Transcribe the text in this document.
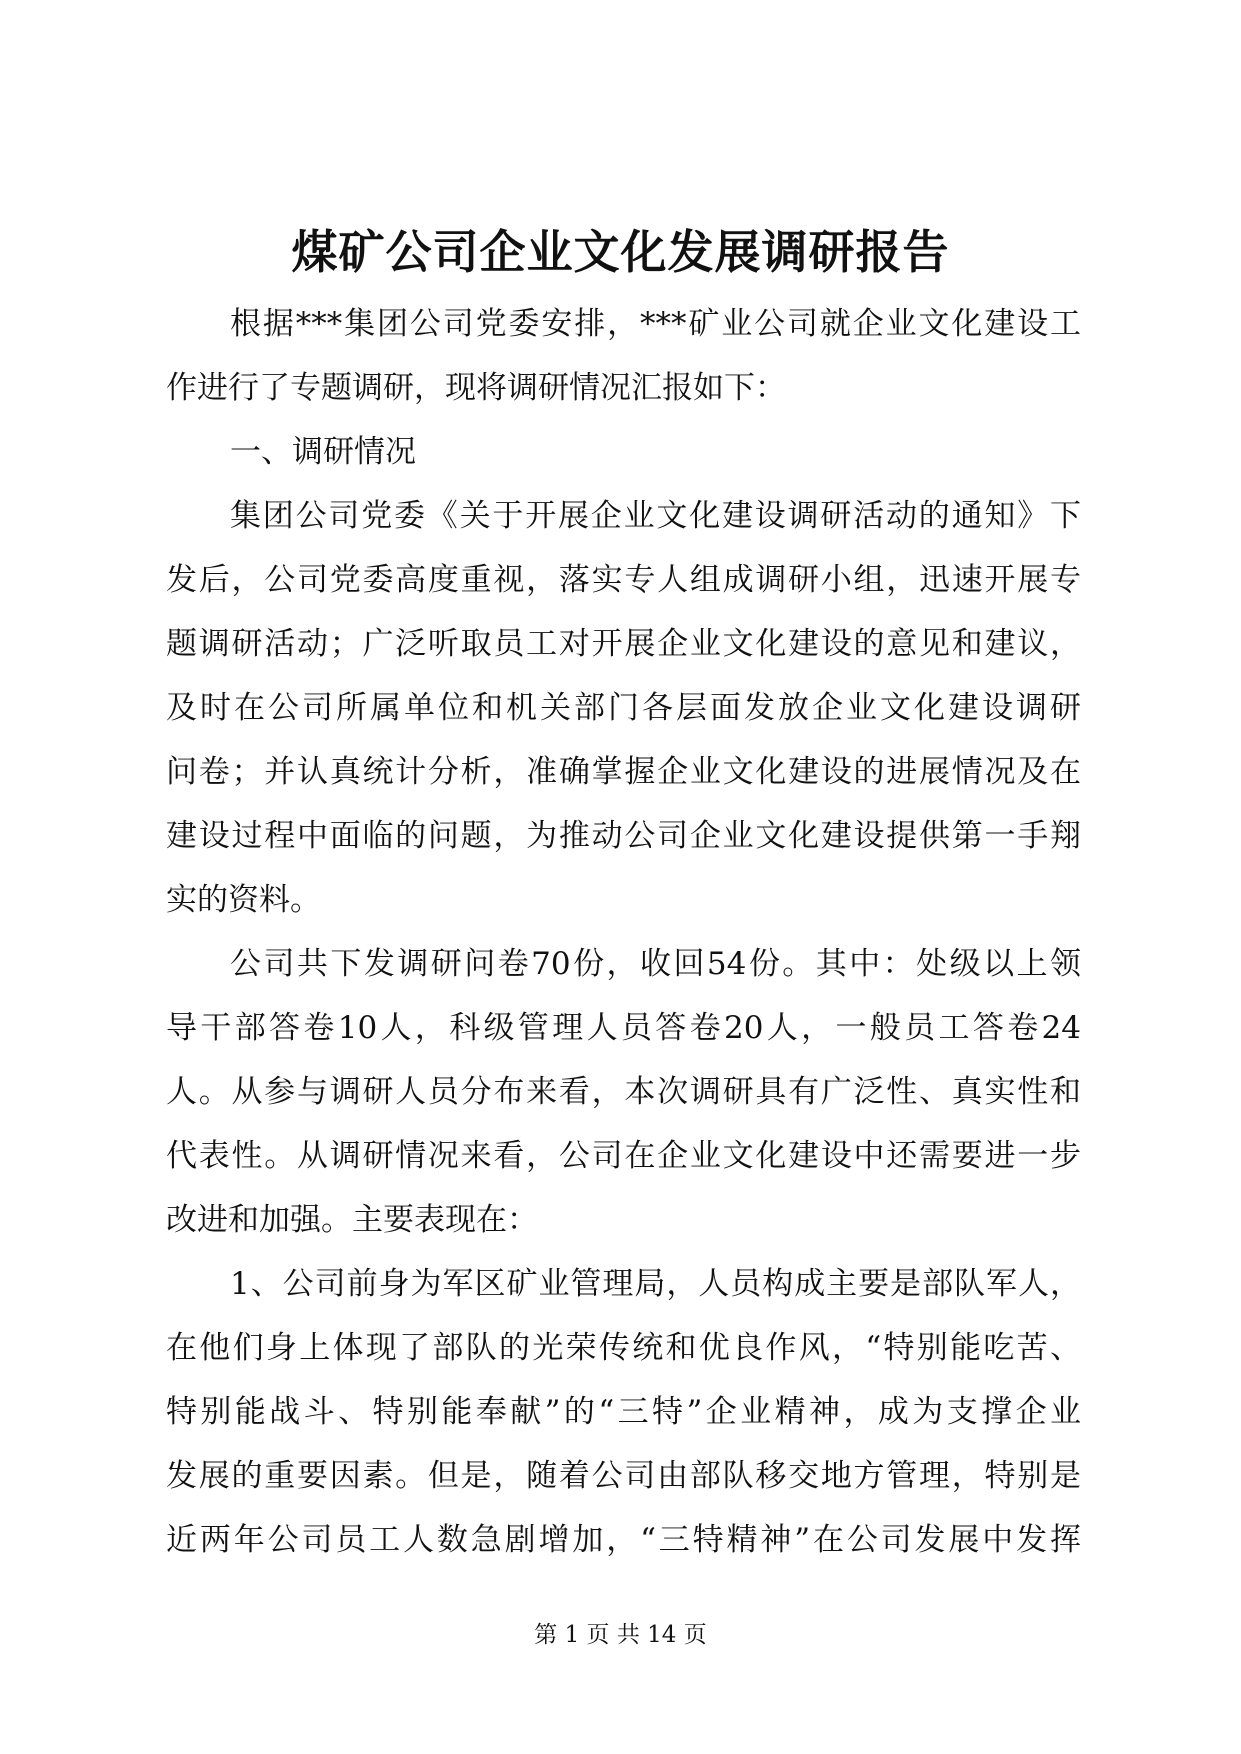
煤矿公司企业文化发展调研报告
根据***集团公司党委安排，***矿业公司就企业文化建设工
作进行了专题调研，现将调研情况汇报如下：
一、调研情况
集团公司党委《关于开展企业文化建设调研活动的通知》下
发后，公司党委高度重视，落实专人组成调研小组，迅速开展专
题调研活动；广泛听取员工对开展企业文化建设的意见和建议，
及时在公司所属单位和机关部门各层面发放企业文化建设调研
问卷；并认真统计分析，准确掌握企业文化建设的进展情况及在
建设过程中面临的问题，为推动公司企业文化建设提供第一手翔
实的资料。
公司共下发调研问卷70份，收回54份。其中：处级以上领
导干部答卷10人，科级管理人员答卷20人，一般员工答卷24
人。从参与调研人员分布来看，本次调研具有广泛性、真实性和
代表性。从调研情况来看，公司在企业文化建设中还需要进一步
改进和加强。主要表现在：
1、公司前身为军区矿业管理局，人员构成主要是部队军人，
在他们身上体现了部队的光荣传统和优良作风，“特别能吃苦、
特别能战斗、特别能奉献”的“三特”企业精神，成为支撑企业
发展的重要因素。但是，随着公司由部队移交地方管理，特别是
近两年公司员工人数急剧增加，“三特精神”在公司发展中发挥
第 1 页 共 14 页
